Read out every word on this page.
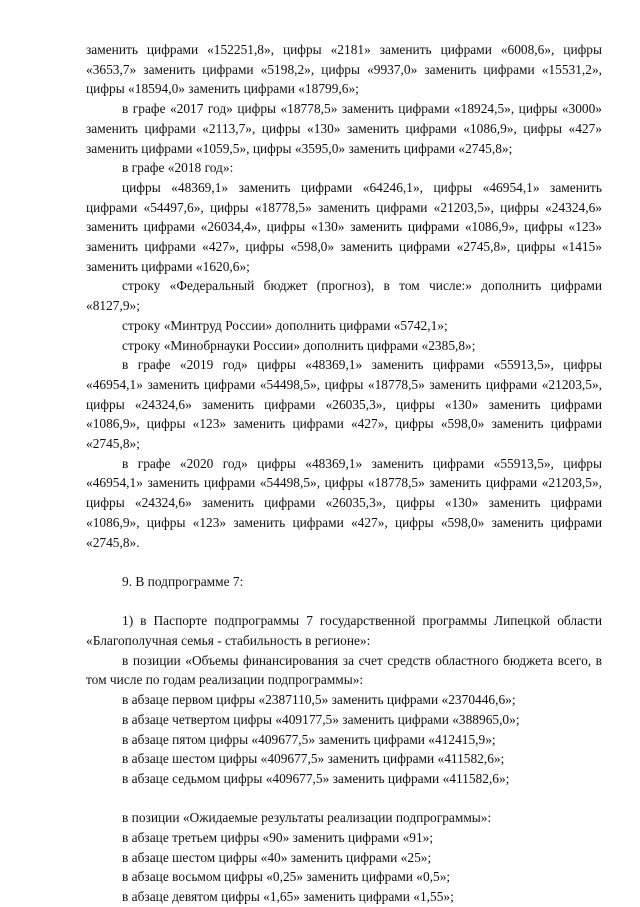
заменить цифрами «152251,8», цифры «2181» заменить цифрами «6008,6», цифры «3653,7» заменить цифрами «5198,2», цифры «9937,0» заменить цифрами «15531,2», цифры «18594,0» заменить цифрами «18799,6»;

в графе «2017 год» цифры «18778,5» заменить цифрами «18924,5», цифры «3000» заменить цифрами «2113,7», цифры «130» заменить цифрами «1086,9», цифры «427» заменить цифрами «1059,5», цифры «3595,0» заменить цифрами «2745,8»;

в графе «2018 год»:

цифры «48369,1» заменить цифрами «64246,1», цифры «46954,1» заменить цифрами «54497,6», цифры «18778,5» заменить цифрами «21203,5», цифры «24324,6» заменить цифрами «26034,4», цифры «130» заменить цифрами «1086,9», цифры «123» заменить цифрами «427», цифры «598,0» заменить цифрами «2745,8», цифры «1415» заменить цифрами «1620,6»;

строку «Федеральный бюджет (прогноз), в том числе:» дополнить цифрами «8127,9»;

строку «Минтруд России» дополнить цифрами «5742,1»;

строку «Минобрнауки России» дополнить цифрами «2385,8»;

в графе «2019 год» цифры «48369,1» заменить цифрами «55913,5», цифры «46954,1» заменить цифрами «54498,5», цифры «18778,5» заменить цифрами «21203,5», цифры «24324,6» заменить цифрами «26035,3», цифры «130» заменить цифрами «1086,9», цифры «123» заменить цифрами «427», цифры «598,0» заменить цифрами «2745,8»;

в графе «2020 год» цифры «48369,1» заменить цифрами «55913,5», цифры «46954,1» заменить цифрами «54498,5», цифры «18778,5» заменить цифрами «21203,5», цифры «24324,6» заменить цифрами «26035,3», цифры «130» заменить цифрами «1086,9», цифры «123» заменить цифрами «427», цифры «598,0» заменить цифрами «2745,8».

9. В подпрограмме 7:

1) в Паспорте подпрограммы 7 государственной программы Липецкой области «Благополучная семья - стабильность в регионе»:

в позиции «Объемы финансирования за счет средств областного бюджета всего, в том числе по годам реализации подпрограммы»:

в абзаце первом цифры «2387110,5» заменить цифрами «2370446,6»;

в абзаце четвертом цифры «409177,5» заменить цифрами «388965,0»;

в абзаце пятом цифры «409677,5» заменить цифрами «412415,9»;

в абзаце шестом цифры «409677,5» заменить цифрами «411582,6»;

в абзаце седьмом цифры «409677,5» заменить цифрами «411582,6»;

в позиции «Ожидаемые результаты реализации подпрограммы»:

в абзаце третьем цифры «90» заменить цифрами «91»;

в абзаце шестом цифры «40» заменить цифрами «25»;

в абзаце восьмом цифры «0,25» заменить цифрами «0,5»;

в абзаце девятом цифры «1,65» заменить цифрами «1,55»;
